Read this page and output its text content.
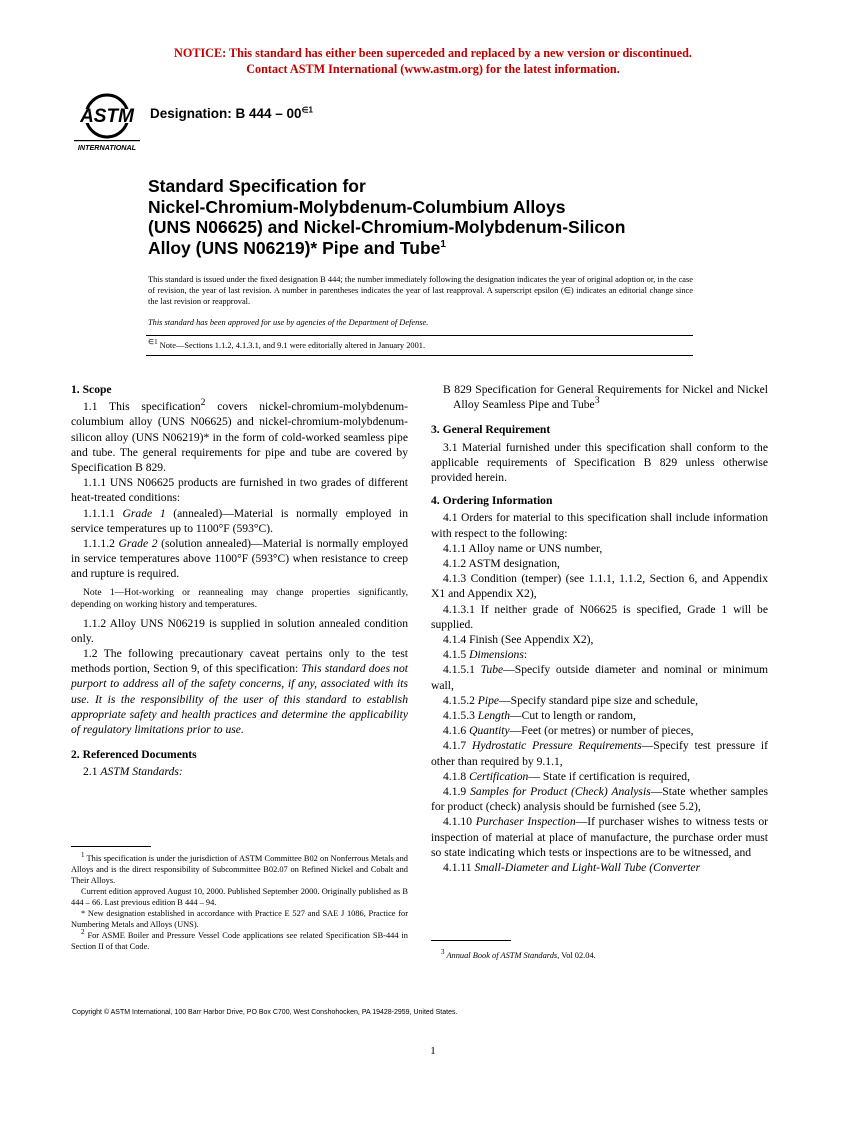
NOTICE: This standard has either been superceded and replaced by a new version or discontinued.
Contact ASTM International (www.astm.org) for the latest information.
ASTM
INTERNATIONAL
Designation: B $444 - 00^{\in 1}$
Standard Specification for
Nickel-Chromium-Molybdenum-Columbium Alloys
(UNS N06625) and Nickel-Chromium-Molybdenum-Silicon
Alloy (UNS N06219)* Pipe and Tube$^1$
This standard is issued under the fixed designation B 444; the number immediately following the designation indicates the year of original adoption or, in the case of revision, the year of last revision. A number in parentheses indicates the year of last reapproval. A superscript epsilon (∈) indicates an editorial change since the last revision or reapproval.
This standard has been approved for use by agencies of the Department of Defense.
$^{\in 1}$ Note—Sections 1.1.2, 4.1.3.1, and 9.1 were editorially altered in January 2001.

1. Scope

1.1 This specification$^2$ covers nickel-chromium-molybdenum-columbium alloy (UNS N06625) and nickel-chromium-molybdenum-silicon alloy (UNS N06219)* in the form of cold-worked seamless pipe and tube. The general requirements for pipe and tube are covered by Specification B 829.

1.1.1 UNS N06625 products are furnished in two grades of different heat-treated conditions:

1.1.1.1 Grade 1 (annealed)—Material is normally employed in service temperatures up to 1100°F (593°C).

1.1.1.2 Grade 2 (solution annealed)—Material is normally employed in service temperatures above 1100°F (593°C) when resistance to creep and rupture is required.

Note 1—Hot-working or reannealing may change properties significantly, depending on working history and temperatures.

1.1.2 Alloy UNS N06219 is supplied in solution annealed condition only.

1.2 The following precautionary caveat pertains only to the test methods portion, Section 9, of this specification: This standard does not purport to address all of the safety concerns, if any, associated with its use. It is the responsibility of the user of this standard to establish appropriate safety and health practices and determine the applicability of regulatory limitations prior to use.

2. Referenced Documents

2.1 ASTM Standards:

B 829 Specification for General Requirements for Nickel and Nickel Alloy Seamless Pipe and Tube$^3$

3. General Requirement

3.1 Material furnished under this specification shall conform to the applicable requirements of Specification B 829 unless otherwise provided herein.

4. Ordering Information

4.1 Orders for material to this specification shall include information with respect to the following:

4.1.1 Alloy name or UNS number,

4.1.2 ASTM designation,

4.1.3 Condition (temper) (see 1.1.1, 1.1.2, Section 6, and Appendix X1 and Appendix X2),

4.1.3.1 If neither grade of N06625 is specified, Grade 1 will be supplied.

4.1.4 Finish (See Appendix X2),

4.1.5 Dimensions:

4.1.5.1 Tube—Specify outside diameter and nominal or minimum wall,

4.1.5.2 Pipe—Specify standard pipe size and schedule,

4.1.5.3 Length—Cut to length or random,

4.1.6 Quantity—Feet (or metres) or number of pieces,

4.1.7 Hydrostatic Pressure Requirements—Specify test pressure if other than required by 9.1.1,

4.1.8 Certification— State if certification is required,

4.1.9 Samples for Product (Check) Analysis—State whether samples for product (check) analysis should be furnished (see 5.2),

4.1.10 Purchaser Inspection—If purchaser wishes to witness tests or inspection of material at place of manufacture, the purchase order must so state indicating which tests or inspections are to be witnessed, and

4.1.11 Small-Diameter and Light-Wall Tube (Converter

$^1$ This specification is under the jurisdiction of ASTM Committee B02 on Nonferrous Metals and Alloys and is the direct responsibility of Subcommittee B02.07 on Refined Nickel and Cobalt and Their Alloys.

Current edition approved August 10, 2000. Published September 2000. Originally published as B 444 – 66. Last previous edition B 444 – 94.

* New designation established in accordance with Practice E 527 and SAE J 1086, Practice for Numbering Metals and Alloys (UNS).

$^2$ For ASME Boiler and Pressure Vessel Code applications see related Specification SB-444 in Section II of that Code.

$^3$ Annual Book of ASTM Standards, Vol 02.04.

Copyright © ASTM International, 100 Barr Harbor Drive, PO Box C700, West Conshohocken, PA 19428-2959, United States.
1
